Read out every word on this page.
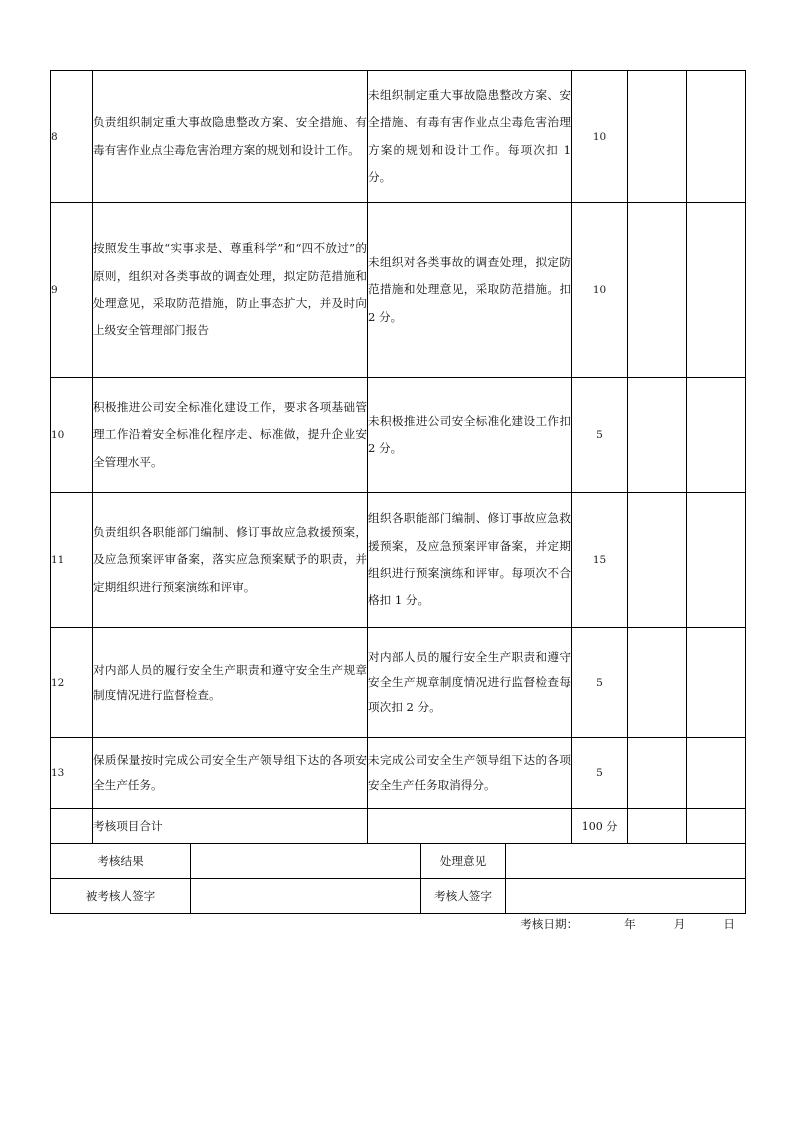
8	负责组织制定重大事故隐患整改方案、安全措施、有毒有害作业点尘毒危害治理方案的规划和设计工作。	未组织制定重大事故隐患整改方案、安全措施、有毒有害作业点尘毒危害治理方案的规划和设计工作。每项次扣 1 分。	10		
9	按照发生事故“实事求是、尊重科学”和“四不放过”的原则，组织对各类事故的调查处理，拟定防范措施和处理意见，采取防范措施，防止事态扩大，并及时向上级安全管理部门报告	未组织对各类事故的调查处理，拟定防范措施和处理意见，采取防范措施。扣 2 分。	10		
10	积极推进公司安全标准化建设工作，要求各项基础管理工作沿着安全标准化程序走、标准做，提升企业安全管理水平。	未积极推进公司安全标准化建设工作扣 2 分。	5		
11	负责组织各职能部门编制、修订事故应急救援预案，及应急预案评审备案，落实应急预案赋予的职责，并定期组织进行预案演练和评审。	组织各职能部门编制、修订事故应急救援预案，及应急预案评审备案，并定期组织进行预案演练和评审。每项次不合格扣 1 分。	15		
12	对内部人员的履行安全生产职责和遵守安全生产规章制度情况进行监督检查。	对内部人员的履行安全生产职责和遵守安全生产规章制度情况进行监督检查每项次扣 2 分。	5		
13	保质保量按时完成公司安全生产领导组下达的各项安全生产任务。	未完成公司安全生产领导组下达的各项安全生产任务取消得分。	5		
	考核项目合计		100 分		
考核结果		处理意见	
被考核人签字		考核人签字	
考核日期：	年	月	日
